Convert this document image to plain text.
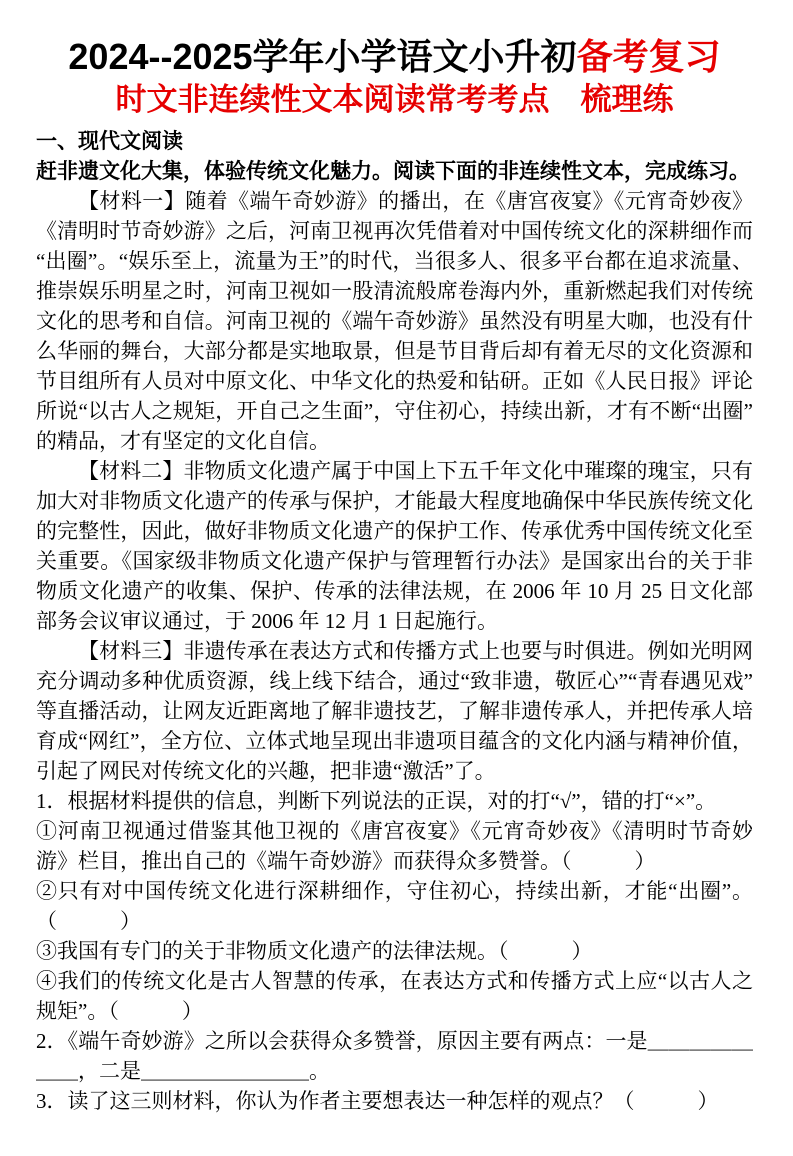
2024--2025学年小学语文小升初备考复习
时文非连续性文本阅读常考考点　梳理练

一、现代文阅读

赶非遗文化大集，体验传统文化魅力。阅读下面的非连续性文本，完成练习。

【材料一】随着《端午奇妙游》的播出，在《唐宫夜宴》《元宵奇妙夜》《清明时节奇妙游》之后，河南卫视再次凭借着对中国传统文化的深耕细作而“出圈”。“娱乐至上，流量为王”的时代，当很多人、很多平台都在追求流量、推崇娱乐明星之时，河南卫视如一股清流般席卷海内外，重新燃起我们对传统文化的思考和自信。河南卫视的《端午奇妙游》虽然没有明星大咖，也没有什么华丽的舞台，大部分都是实地取景，但是节目背后却有着无尽的文化资源和节目组所有人员对中原文化、中华文化的热爱和钻研。正如《人民日报》评论所说“以古人之规矩，开自己之生面”，守住初心，持续出新，才有不断“出圈”的精品，才有坚定的文化自信。

【材料二】非物质文化遗产属于中国上下五千年文化中璀璨的瑰宝，只有加大对非物质文化遗产的传承与保护，才能最大程度地确保中华民族传统文化的完整性，因此，做好非物质文化遗产的保护工作、传承优秀中国传统文化至关重要。《国家级非物质文化遗产保护与管理暂行办法》是国家出台的关于非物质文化遗产的收集、保护、传承的法律法规，在 2006 年 10 月 25 日文化部部务会议审议通过，于 2006 年 12 月 1 日起施行。

【材料三】非遗传承在表达方式和传播方式上也要与时俱进。例如光明网充分调动多种优质资源，线上线下结合，通过“致非遗，敬匠心”“青春遇见戏”等直播活动，让网友近距离地了解非遗技艺，了解非遗传承人，并把传承人培育成“网红”，全方位、立体式地呈现出非遗项目蕴含的文化内涵与精神价值，引起了网民对传统文化的兴趣，把非遗“激活”了。

1．根据材料提供的信息，判断下列说法的正误，对的打“√”，错的打“×”。

①河南卫视通过借鉴其他卫视的《唐宫夜宴》《元宵奇妙夜》《清明时节奇妙游》栏目，推出自己的《端午奇妙游》而获得众多赞誉。（　　　）

②只有对中国传统文化进行深耕细作，守住初心，持续出新，才能“出圈”。（　　　）

③我国有专门的关于非物质文化遗产的法律法规。（　　　）

④我们的传统文化是古人智慧的传承，在表达方式和传播方式上应“以古人之规矩”。（　　　）

2．《端午奇妙游》之所以会获得众多赞誉，原因主要有两点：一是＿＿＿＿＿＿＿，二是＿＿＿＿＿＿＿＿。

3．读了这三则材料，你认为作者主要想表达一种怎样的观点？（　　　）
